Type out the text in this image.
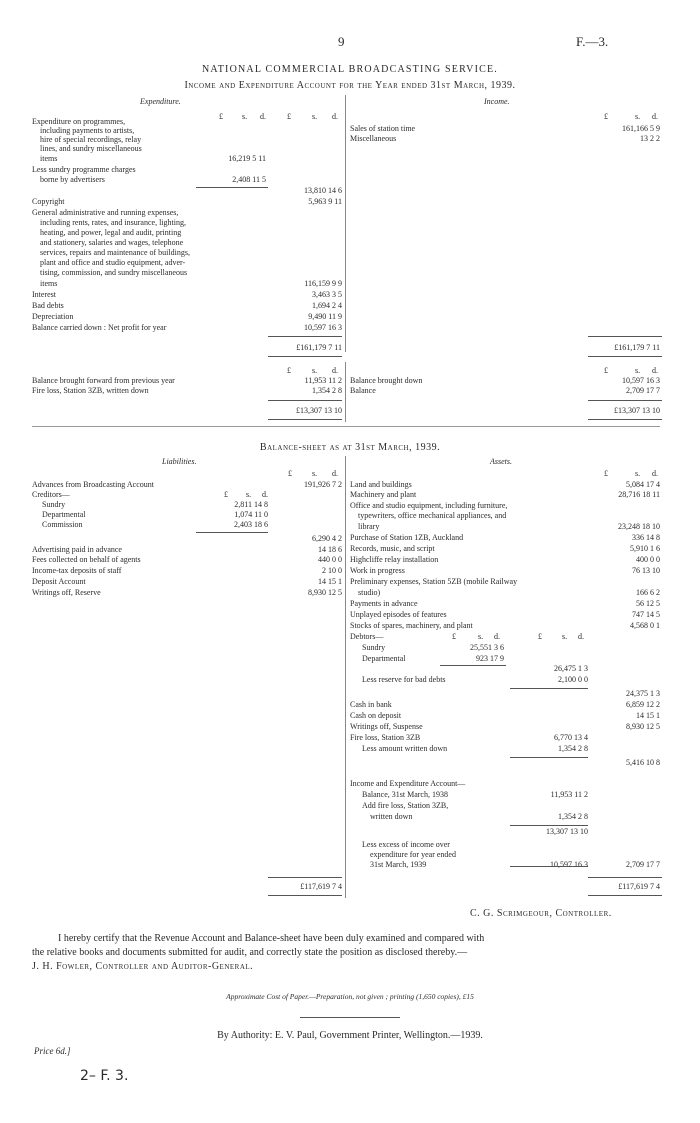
9	F.—3.
NATIONAL COMMERCIAL BROADCASTING SERVICE.
Income and Expenditure Account for the Year ended 31st March, 1939.
Expenditure.	Income.
£ s. d.	£	s. d.
Expenditure on programmes,
including payments to artists,
hire of special recordings, relay
lines, and sundry miscellaneous
items	16,219 5 11
Less sundry programme charges
borne by advertisers	2,408 11 5
13,810 14 6
Copyright	5,963 9 11
General administrative and running expenses,
including rents, rates, and insurance, lighting,
heating, and power, legal and audit, printing
and stationery, salaries and wages, telephone
services, repairs and maintenance of buildings,
plant and office and studio equipment, adver-
tising, commission, and sundry miscellaneous
items	116,159 9 9
Interest	3,463 3 5
Bad debts	1,694 2 4
Depreciation	9,490 11 9
Balance carried down : Net profit for year	10,597 16 3
£161,179 7 11
£	s. d.
Sales of station time	161,166 5 9
Miscellaneous	13 2 2
£161,179 7 11
£	s. d.
Balance brought forward from previous year	11,953 11 2
Fire loss, Station 3ZB, written down	1,354 2 8
£13,307 13 10
£	s. d.
Balance brought down	10,597 16 3
Balance	2,709 17 7
£13,307 13 10
Balance-sheet as at 31st March, 1939.
Liabilities.	Assets.
£	s. d.
Advances from Broadcasting Account	191,926 7 2
Creditors—	£ s. d.
Sundry	2,811 14 8
Departmental	1,074 11 0
Commission	2,403 18 6
6,290 4 2
Advertising paid in advance	14 18 6
Fees collected on behalf of agents	440 0 0
Income-tax deposits of staff	2 10 0
Deposit Account	14 15 1
Writings off, Reserve	8,930 12 5
£117,619 7 4
£	s. d.
Land and buildings	5,084 17 4
Machinery and plant	28,716 18 11
Office and studio equipment, including furniture,
typewriters, office mechanical appliances, and
library	23,248 18 10
Purchase of Station 1ZB, Auckland	336 14 8
Records, music, and script	5,910 1 6
Highcliffe relay installation	400 0 0
Work in progress	76 13 10
Preliminary expenses, Station 5ZB (mobile Railway
studio)	166 6 2
Payments in advance	56 12 5
Unplayed episodes of features	747 14 5
Stocks of spares, machinery, and plant	4,568 0 1
Debtors—	£	s. d.	£	s. d.
Sundry	25,551 3 6
Departmental	923 17 9
26,475 1 3
Less reserve for bad debts	2,100 0 0
24,375 1 3
Cash in bank	6,859 12 2
Cash on deposit	14 15 1
Writings off, Suspense	8,930 12 5
Fire loss, Station 3ZB	6,770 13 4
Less amount written down	1,354 2 8
5,416 10 8
Income and Expenditure Account—
Balance, 31st March, 1938	11,953 11 2
Add fire loss, Station 3ZB,
written down	1,354 2 8
13,307 13 10
Less excess of income over
expenditure for year ended
31st March, 1939	10,597 16 3	2,709 17 7
£117,619 7 4
C. G. Scrimgeour, Controller.
I hereby certify that the Revenue Account and Balance-sheet have been duly examined and compared with
the relative books and documents submitted for audit, and correctly state the position as disclosed thereby.—
J. H. Fowler, Controller and Auditor-General.
Approximate Cost of Paper.—Preparation, not given ; printing (1,650 copies), £15
By Authority: E. V. Paul, Government Printer, Wellington.—1939.
Price 6d.]
2– F. 3.
